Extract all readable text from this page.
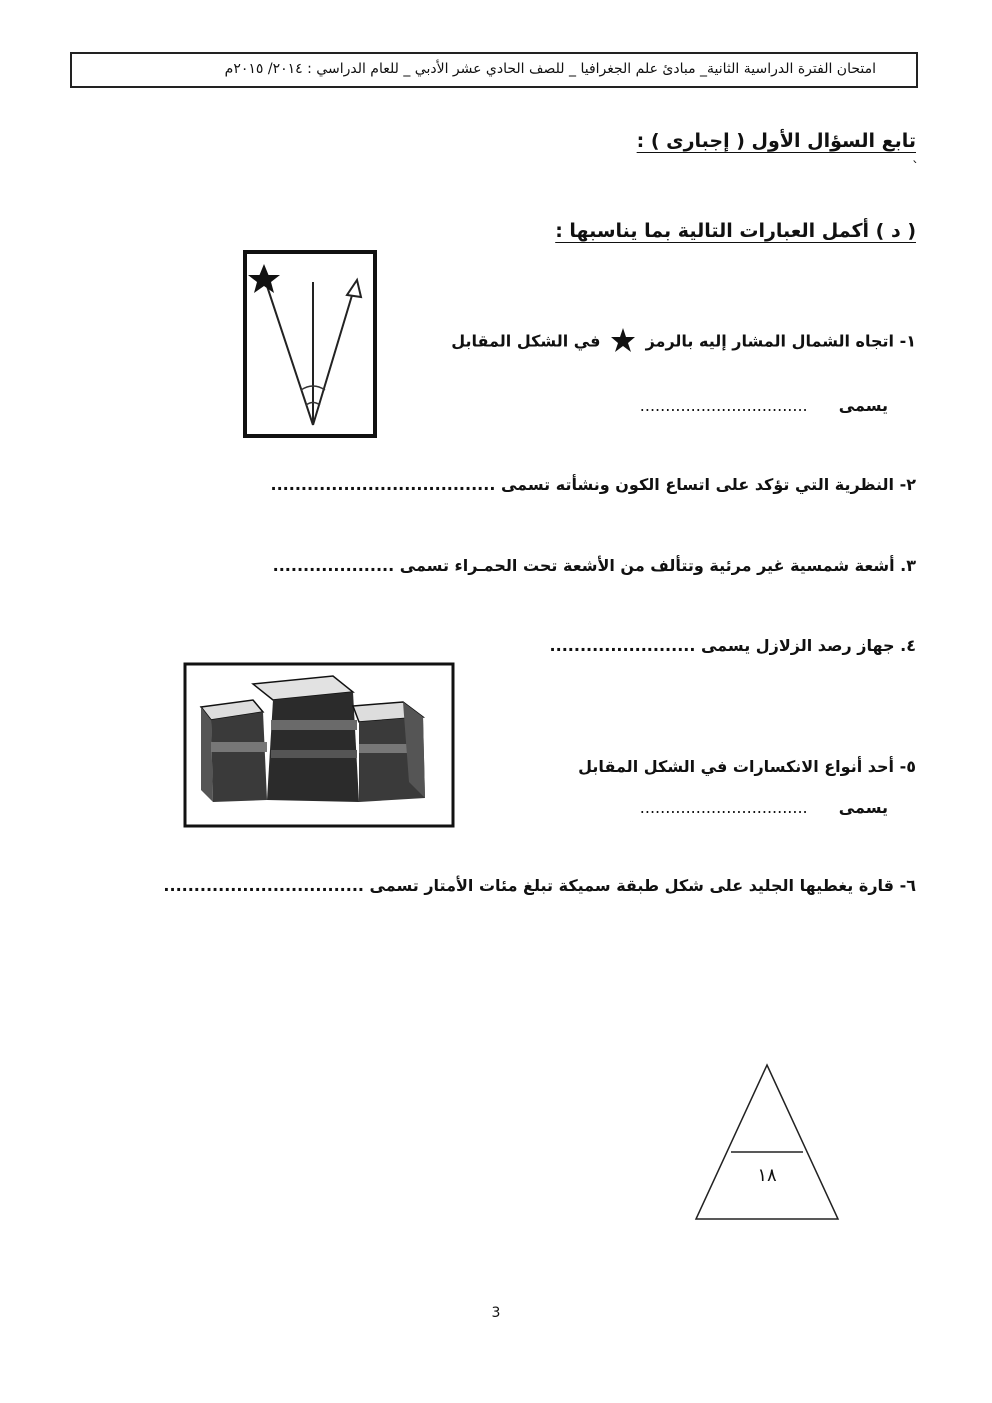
امتحان الفترة الدراسية الثانية_ مبادئ علم الجغرافيا _ للصف الحادي عشر الأدبي _ للعام الدراسي : ٢٠١٤/ ٢٠١٥م
تابع السؤال الأول ( إجبارى ) :
`
( د ) أكمل العبارات التالية بما يناسبها :
١- اتجاه الشمال المشار إليه بالرمز  في الشكل المقابل
يسمى  .................................
٢- النظرية التي تؤكد على اتساع الكون ونشأته تسمى .....................................
٣. أشعة شمسية غير مرئية وتتألف من الأشعة تحت الحمـراء تسمى ....................
٤. جهاز رصد الزلازل يسمى ........................
٥- أحد أنواع الانكسارات في الشكل المقابل
يسمى  .................................
٦- قارة يغطيها الجليد على شكل طبقة سميكة تبلغ مئات الأمتار تسمى .................................
١٨
3
